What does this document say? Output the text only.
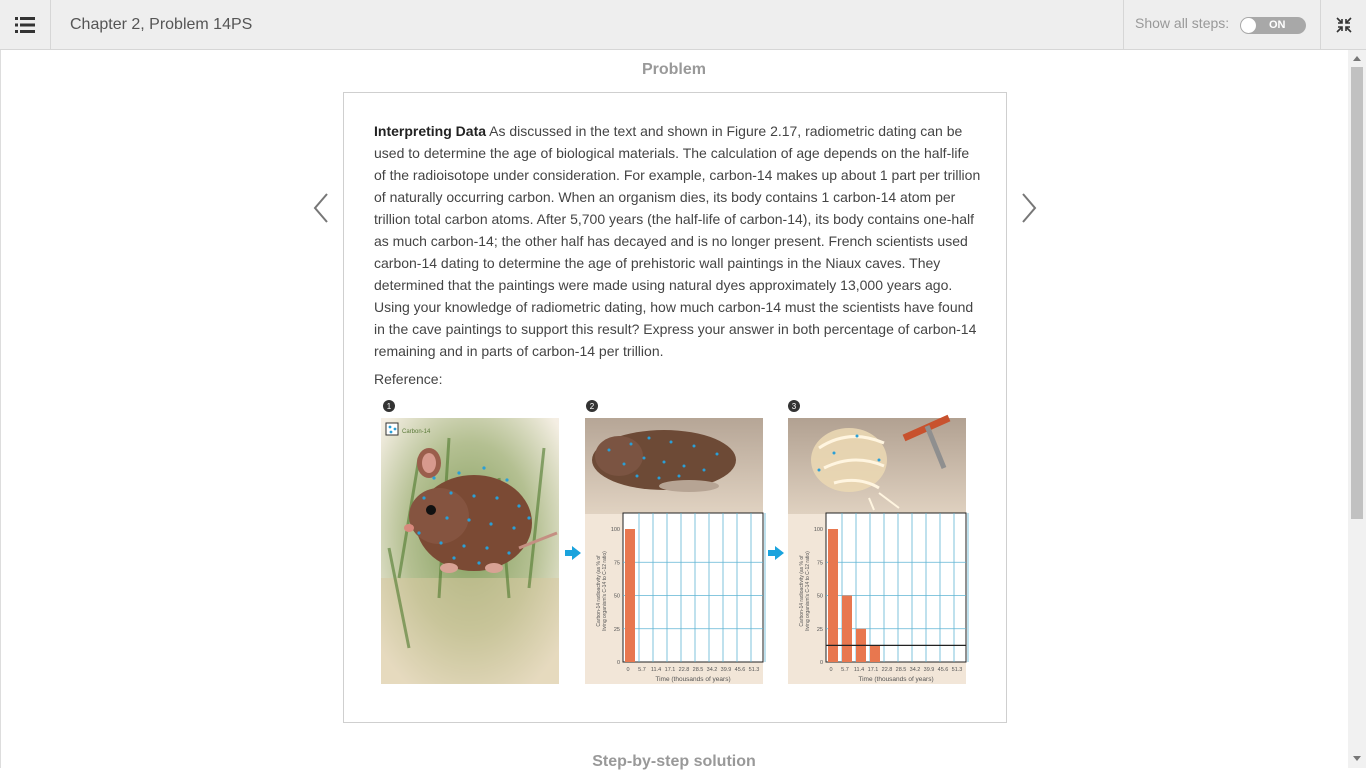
Chapter 2, Problem 14PS	Show all steps:	ON
Problem
Interpreting Data As discussed in the text and shown in Figure 2.17, radiometric dating can be used to determine the age of biological materials. The calculation of age depends on the half-life of the radioisotope under consideration. For example, carbon-14 makes up about 1 part per trillion of naturally occurring carbon. When an organism dies, its body contains 1 carbon-14 atom per trillion total carbon atoms. After 5,700 years (the half-life of carbon-14), its body contains one-half as much carbon-14; the other half has decayed and is no longer present. French scientists used carbon-14 dating to determine the age of prehistoric wall paintings in the Niaux caves. They determined that the paintings were made using natural dyes approximately 13,000 years ago. Using your knowledge of radiometric dating, how much carbon-14 must the scientists have found in the cave paintings to support this result? Express your answer in both percentage of carbon-14 remaining and in parts of carbon-14 per trillion.
Reference:
1	2	3
Carbon-14
100
75
50
25
0
0 5.7 11.4 17.1 22.8 28.5 34.2 39.9 45.6 51.3
Time (thousands of years)
Carbon-14 radioactivity (as % of living organism's C-14 to C-12 ratio)
100
75
50
25
0
0 5.7 11.4 17.1 22.8 28.5 34.2 39.9 45.6 51.3
Time (thousands of years)
Carbon-14 radioactivity (as % of living organism's C-14 to C-12 ratio)
Step-by-step solution
